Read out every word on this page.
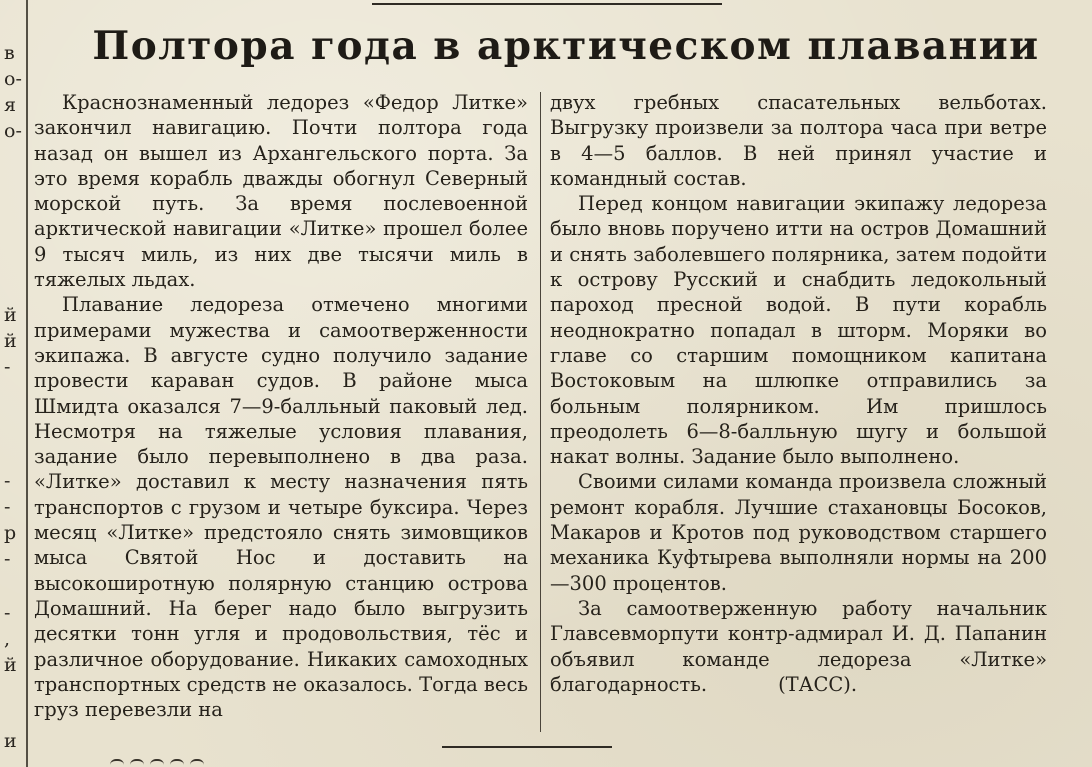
в
о-
я
о-
й
й
-
-
-
р
-
-
,
й
и
Полтора года в арктическом плавании

Краснознаменный ледорез «Федор Литке» закончил навигацию. Почти полтора года назад он вышел из Архангельского порта. За это время корабль дважды обогнул Северный морской путь. За время послевоенной арктической навигации «Литке» прошел более 9 тысяч миль, из них две тысячи миль в тяжелых льдах.

Плавание ледореза отмечено многими примерами мужества и самоотверженности экипажа. В августе судно получило задание провести караван судов. В районе мыса Шмидта оказался 7—9-балльный паковый лед. Несмотря на тяжелые условия плавания, задание было перевыполнено в два раза. «Литке» доставил к месту назначения пять транспортов с грузом и четыре буксира. Через месяц «Литке» предстояло снять зимовщиков мыса Святой Нос и доставить на высокоширотную полярную станцию острова Домашний. На берег надо было выгрузить десятки тонн угля и продовольствия, тёс и различное оборудование. Никаких самоходных транспортных средств не оказалось. Тогда весь груз перевезли на

двух гребных спасательных вельботах. Выгрузку произвели за полтора часа при ветре в 4—5 баллов. В ней принял участие и командный состав.

Перед концом навигации экипажу ледореза было вновь поручено итти на остров Домашний и снять заболевшего полярника, затем подойти к острову Русский и снабдить ледокольный пароход пресной водой. В пути корабль неоднократно попадал в шторм. Моряки во главе со старшим помощником капитана Востоковым на шлюпке отправились за больным полярником. Им пришлось преодолеть 6—8-балльную шугу и большой накат волны. Задание было выполнено.

Своими силами команда произвела сложный ремонт корабля. Лучшие стахановцы Босоков, Макаров и Кротов под руководством старшего механика Куфтырева выполняли нормы на 200—300 процентов.

За самоотверженную работу начальник Главсевморпути контр-адмирал И. Д. Папанин объявил команде ледореза «Литке» благодарность.	(ТАСС).
